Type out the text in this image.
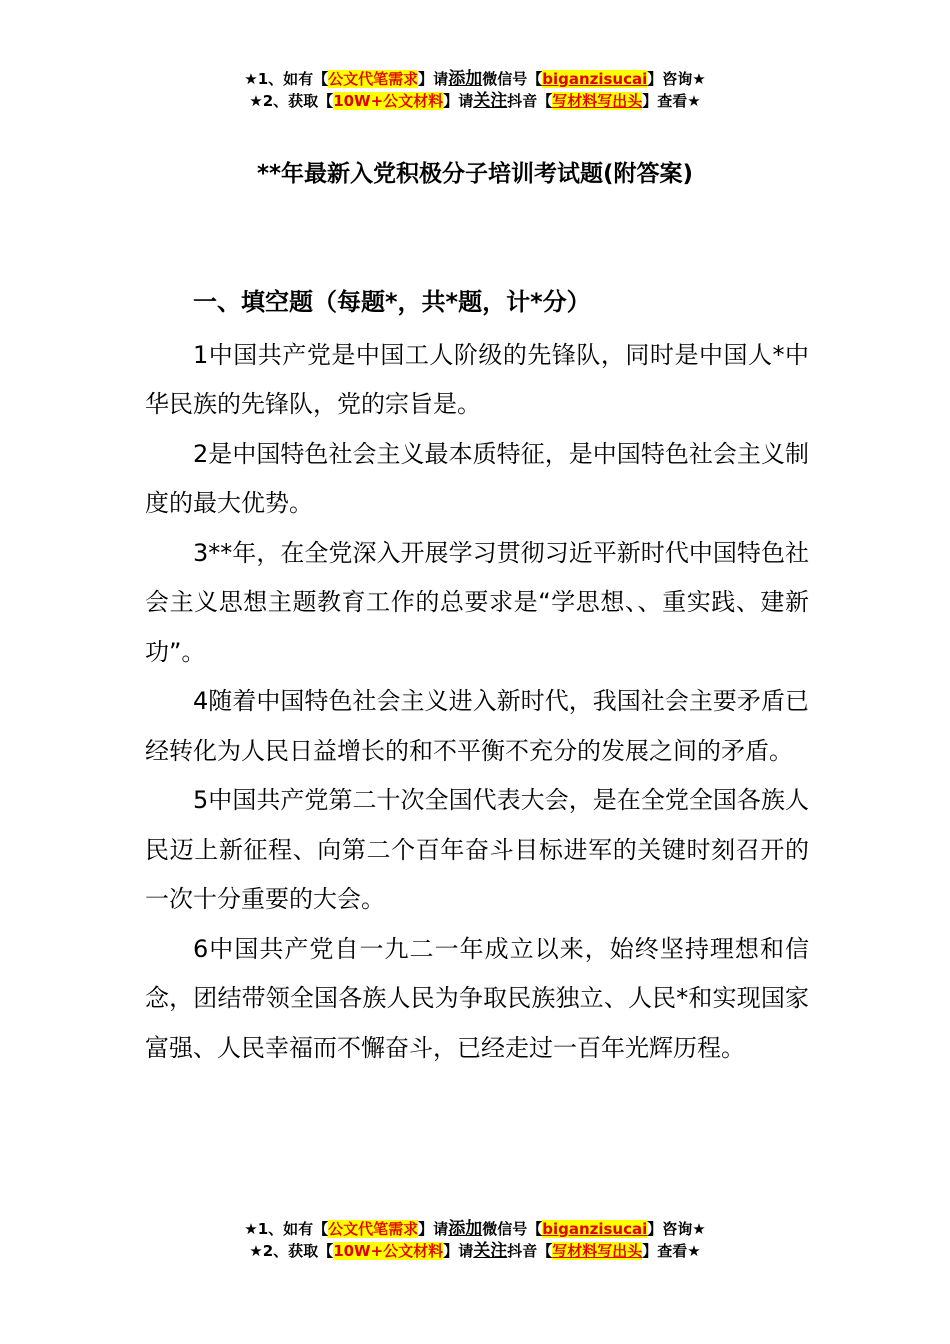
★1、如有【公文代笔需求】请添加微信号【biganzisucai】咨询★
★2、获取【10W+公文材料】请关注抖音【写材料写出头】查看★
**年最新入党积极分子培训考试题(附答案)

一、填空题（每题*，共*题，计*分）

1中国共产党是中国工人阶级的先锋队，同时是中国人*中华民族的先锋队，党的宗旨是。

2是中国特色社会主义最本质特征，是中国特色社会主义制度的最大优势。

3**年，在全党深入开展学习贯彻习近平新时代中国特色社会主义思想主题教育工作的总要求是“学思想、、重实践、建新功”。

4随着中国特色社会主义进入新时代，我国社会主要矛盾已经转化为人民日益增长的和不平衡不充分的发展之间的矛盾。

5中国共产党第二十次全国代表大会，是在全党全国各族人民迈上新征程、向第二个百年奋斗目标进军的关键时刻召开的一次十分重要的大会。

6中国共产党自一九二一年成立以来，始终坚持理想和信念，团结带领全国各族人民为争取民族独立、人民*和实现国家富强、人民幸福而不懈奋斗，已经走过一百年光辉历程。

★1、如有【公文代笔需求】请添加微信号【biganzisucai】咨询★
★2、获取【10W+公文材料】请关注抖音【写材料写出头】查看★
